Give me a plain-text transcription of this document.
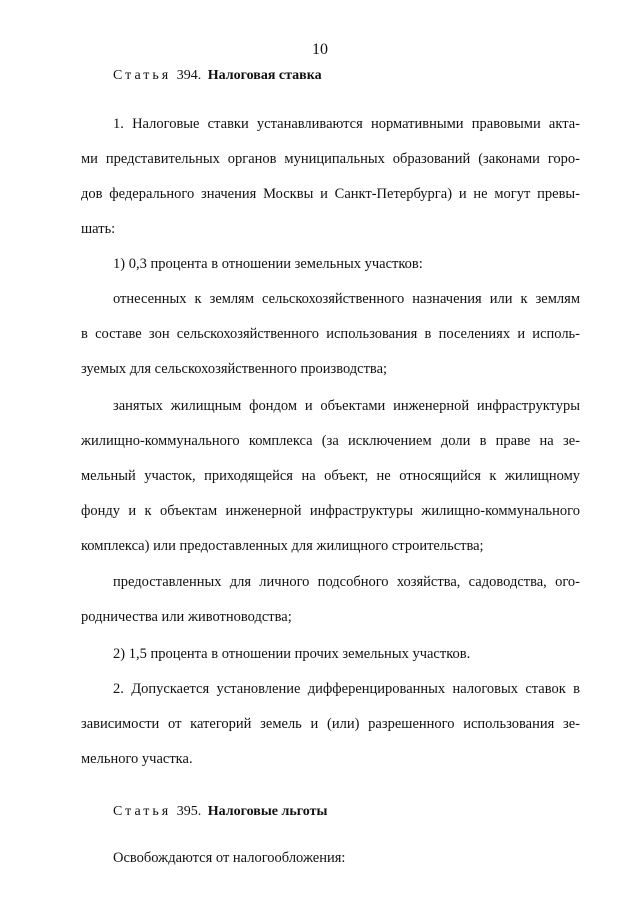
10
Статья 394. Налоговая ставка
1. Налоговые ставки устанавливаются нормативными правовыми акта-
ми представительных органов муниципальных образований (законами горо-
дов федерального значения Москвы и Санкт-Петербурга) и не могут превы-
шать:
1) 0,3 процента в отношении земельных участков:
отнесенных к землям сельскохозяйственного назначения или к землям
в составе зон сельскохозяйственного использования в поселениях и исполь-
зуемых для сельскохозяйственного производства;
занятых жилищным фондом и объектами инженерной инфраструктуры
жилищно-коммунального комплекса (за исключением доли в праве на зе-
мельный участок, приходящейся на объект, не относящийся к жилищному
фонду и к объектам инженерной инфраструктуры жилищно-коммунального
комплекса) или предоставленных для жилищного строительства;
предоставленных для личного подсобного хозяйства, садоводства, ого-
родничества или животноводства;
2) 1,5 процента в отношении прочих земельных участков.
2. Допускается установление дифференцированных налоговых ставок в
зависимости от категорий земель и (или) разрешенного использования зе-
мельного участка.
Статья 395. Налоговые льготы
Освобождаются от налогообложения:
